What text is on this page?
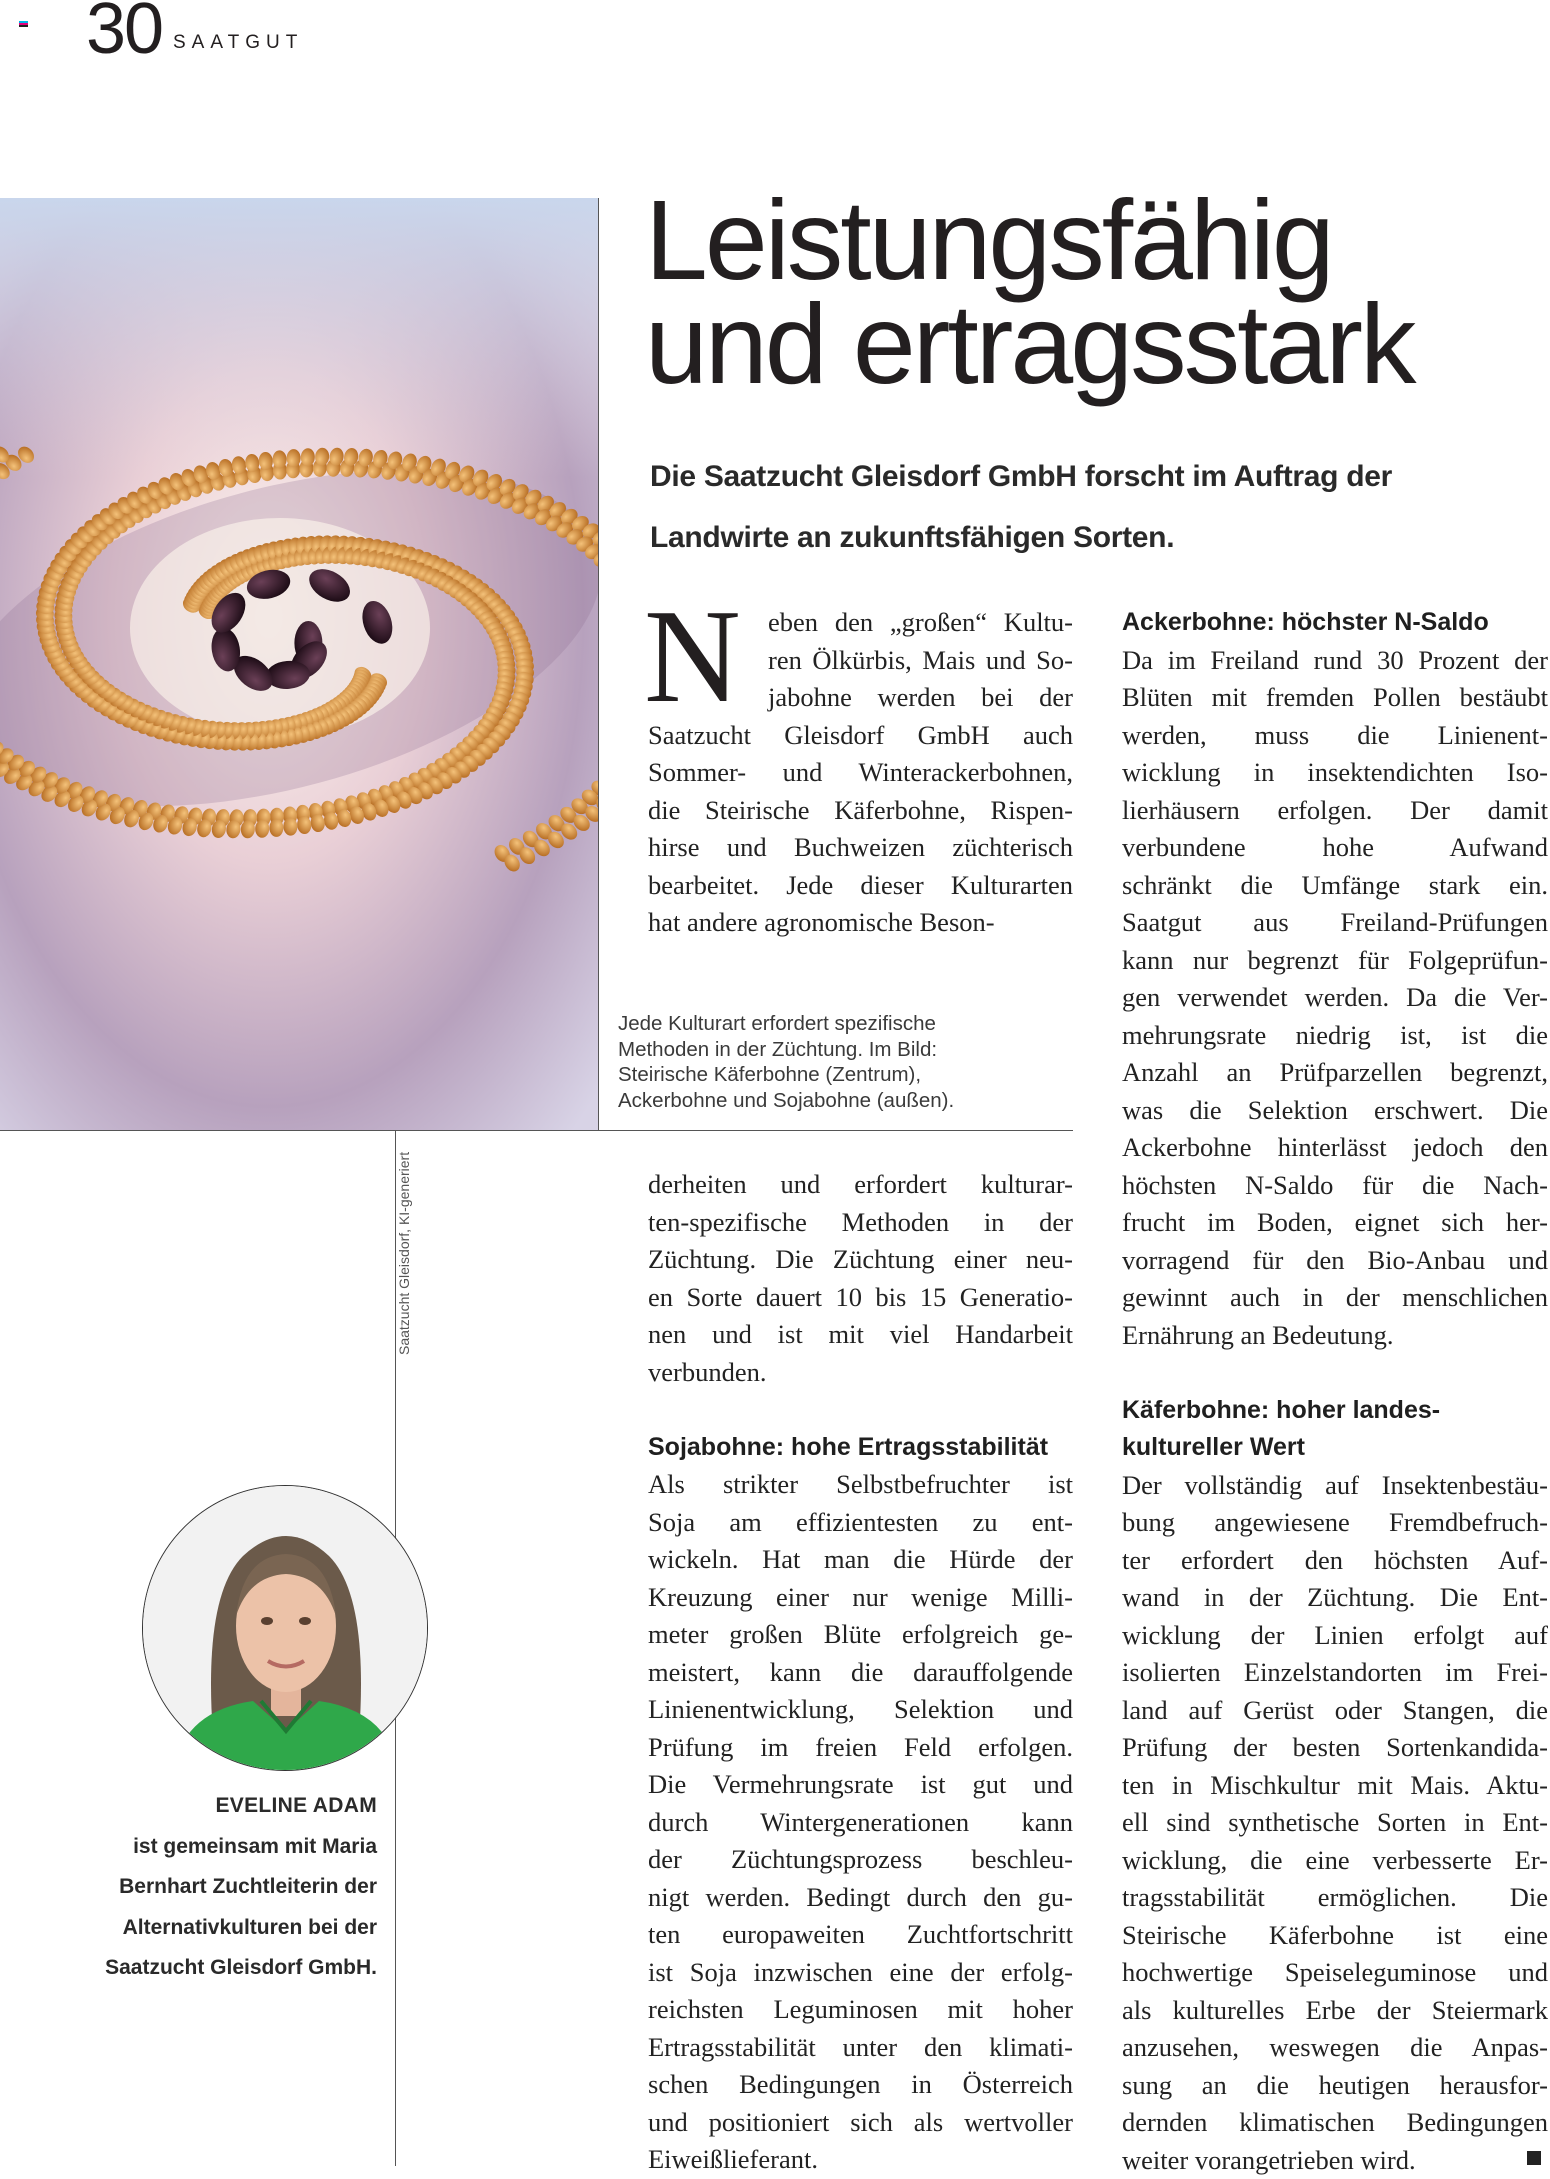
30 SAATGUT
Saatzucht Gleisdorf, KI-generiert
Leistungsfähig
und ertragsstark
Die Saatzucht Gleisdorf GmbH forscht im Auftrag der
Landwirte an zukunftsfähigen Sorten.
Jede Kulturart erfordert spezifische
Methoden in der Züchtung. Im Bild:
Steirische Käferbohne (Zentrum),
Ackerbohne und Sojabohne (außen).
N eben den „großen“ Kultu-
ren Ölkürbis, Mais und So-
jabohne werden bei der
Saatzucht Gleisdorf GmbH auch
Sommer- und Winterackerbohnen,
die Steirische Käferbohne, Rispen-
hirse und Buchweizen züchterisch
bearbeitet. Jede dieser Kulturarten
hat andere agronomische Beson-
derheiten und erfordert kulturar-
ten-spezifische Methoden in der
Züchtung. Die Züchtung einer neu-
en Sorte dauert 10 bis 15 Generatio-
nen und ist mit viel Handarbeit
verbunden.
Sojabohne: hohe Ertragsstabilität
Als strikter Selbstbefruchter ist
Soja am effizientesten zu ent-
wickeln. Hat man die Hürde der
Kreuzung einer nur wenige Milli-
meter großen Blüte erfolgreich ge-
meistert, kann die darauffolgende
Linienentwicklung, Selektion und
Prüfung im freien Feld erfolgen.
Die Vermehrungsrate ist gut und
durch Wintergenerationen kann
der Züchtungsprozess beschleu-
nigt werden. Bedingt durch den gu-
ten europaweiten Zuchtfortschritt
ist Soja inzwischen eine der erfolg-
reichsten Leguminosen mit hoher
Ertragsstabilität unter den klimati-
schen Bedingungen in Österreich
und positioniert sich als wertvoller
Eiweißlieferant.
Ackerbohne: höchster N-Saldo
Da im Freiland rund 30 Prozent der
Blüten mit fremden Pollen bestäubt
werden, muss die Linienent-
wicklung in insektendichten Iso-
lierhäusern erfolgen. Der damit
verbundene hohe Aufwand
schränkt die Umfänge stark ein.
Saatgut aus Freiland-Prüfungen
kann nur begrenzt für Folgeprüfun-
gen verwendet werden. Da die Ver-
mehrungsrate niedrig ist, ist die
Anzahl an Prüfparzellen begrenzt,
was die Selektion erschwert. Die
Ackerbohne hinterlässt jedoch den
höchsten N-Saldo für die Nach-
frucht im Boden, eignet sich her-
vorragend für den Bio-Anbau und
gewinnt auch in der menschlichen
Ernährung an Bedeutung.
Käferbohne: hoher landes-
kultureller Wert
Der vollständig auf Insektenbestäu-
bung angewiesene Fremdbefruch-
ter erfordert den höchsten Auf-
wand in der Züchtung. Die Ent-
wicklung der Linien erfolgt auf
isolierten Einzelstandorten im Frei-
land auf Gerüst oder Stangen, die
Prüfung der besten Sortenkandida-
ten in Mischkultur mit Mais. Aktu-
ell sind synthetische Sorten in Ent-
wicklung, die eine verbesserte Er-
tragsstabilität ermöglichen. Die
Steirische Käferbohne ist eine
hochwertige Speiseleguminose und
als kulturelles Erbe der Steiermark
anzusehen, weswegen die Anpas-
sung an die heutigen herausfor-
dernden klimatischen Bedingungen
weiter vorangetrieben wird.
EVELINE ADAM
ist gemeinsam mit Maria
Bernhart Zuchtleiterin der
Alternativkulturen bei der
Saatzucht Gleisdorf GmbH.
